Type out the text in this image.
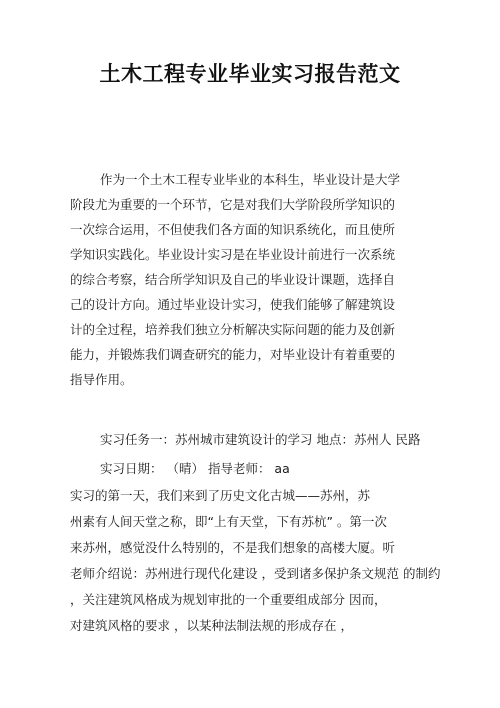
土木工程专业毕业实习报告范文
作为一个土木工程专业毕业的本科生，毕业设计是大学
阶段尤为重要的一个环节，它是对我们大学阶段所学知识的
一次综合运用，不但使我们各方面的知识系统化，而且使所
学知识实践化。毕业设计实习是在毕业设计前进行一次系统
的综合考察，结合所学知识及自己的毕业设计课题，选择自
己的设计方向。通过毕业设计实习，使我们能够了解建筑设
计的全过程，培养我们独立分析解决实际问题的能力及创新
能力，并锻炼我们调查研究的能力，对毕业设计有着重要的
指导作用。
实习任务一：苏州城市建筑设计的学习 地点：苏州人 民路
实习日期： （晴） 指导老师： aa
实习的第一天，我们来到了历史文化古城——苏州，苏
州素有人间天堂之称，即“上有天堂，下有苏杭” 。第一次
来苏州，感觉没什么特别的，不是我们想象的高楼大厦。听
老师介绍说：苏州进行现代化建设 ，受到诸多保护条文规范 的制约
，关注建筑风格成为规划审批的一个重要组成部分 因而，
对建筑风格的要求 ，以某种法制法规的形成存在 ，
